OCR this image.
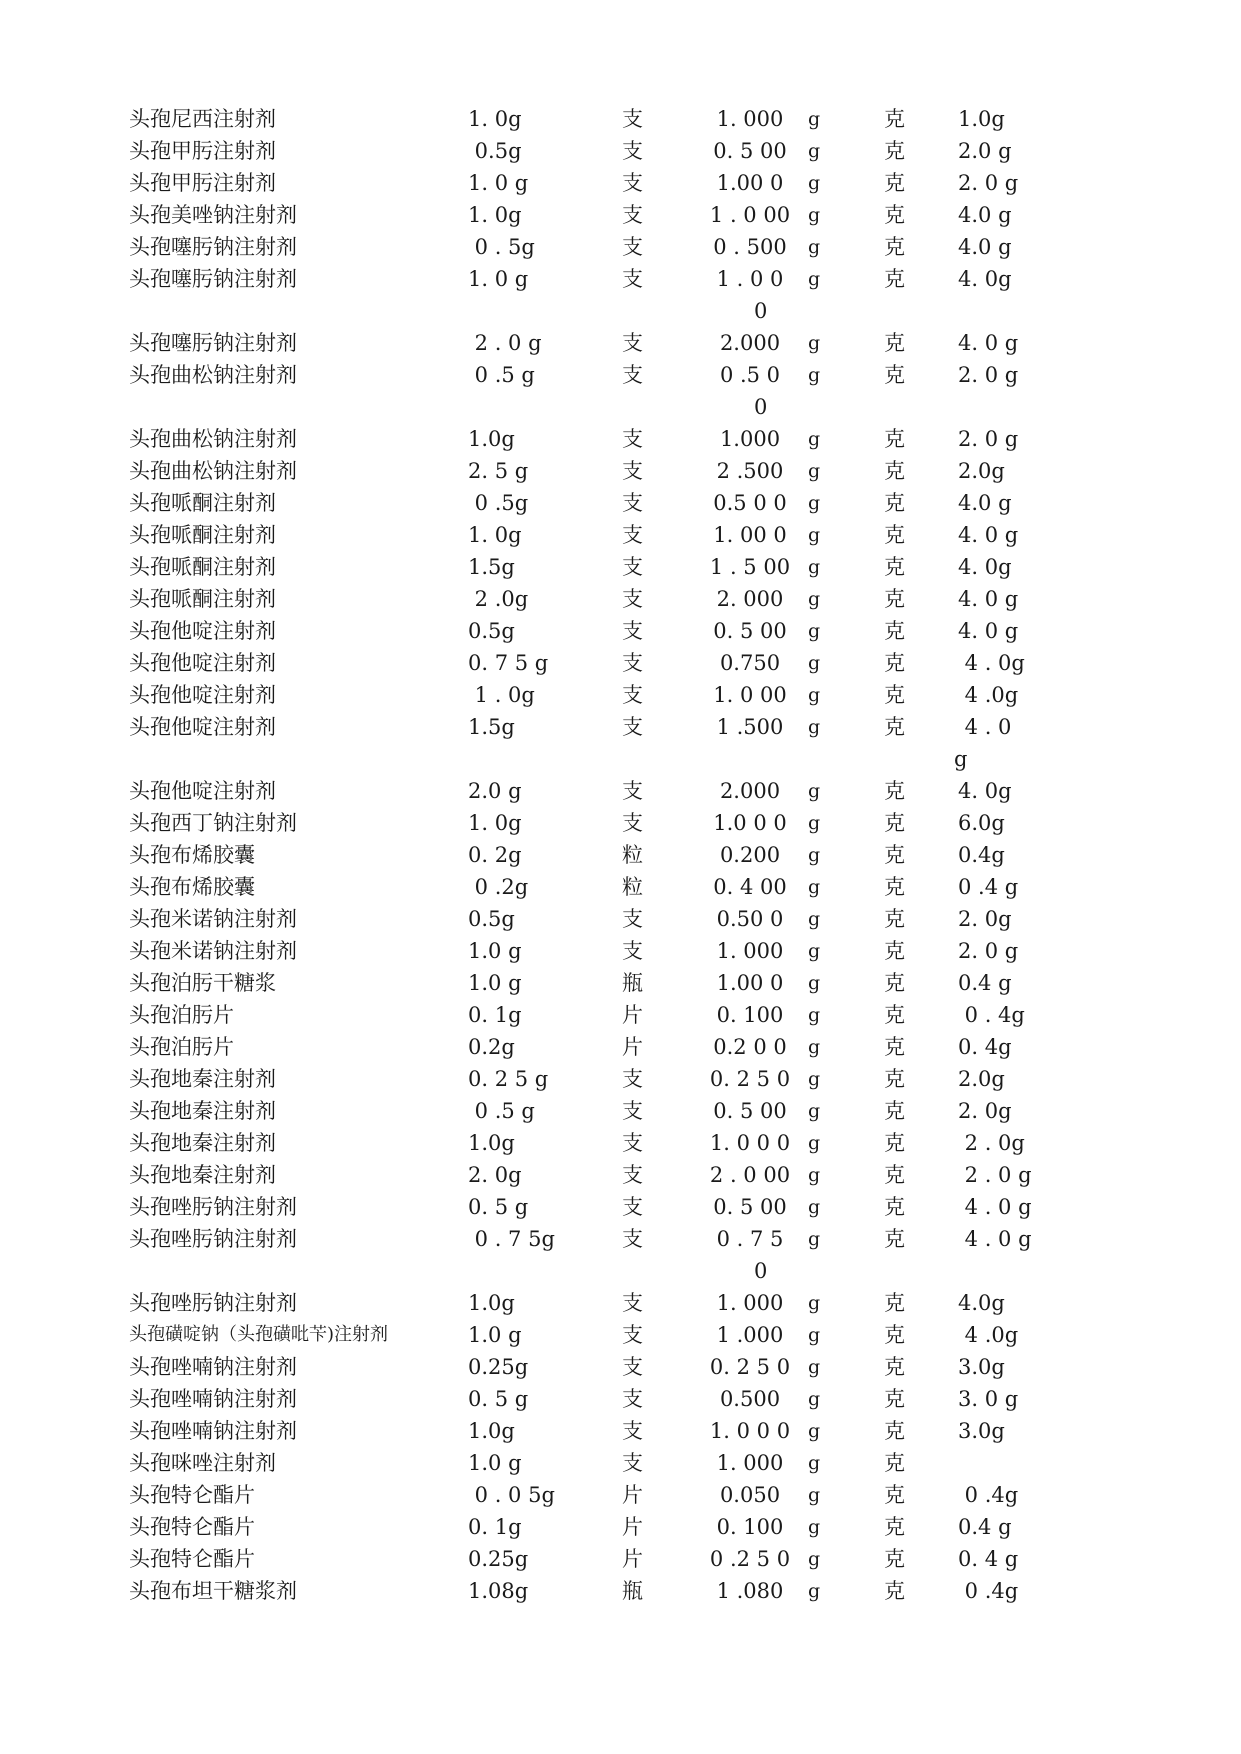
头孢尼西注射剂	1. 0g	支	1. 000	g	克	1.0g
头孢甲肟注射剂	0.5g	支	0. 5 00	g	克	2.0 g
头孢甲肟注射剂	1. 0 g	支	1.00 0	g	克	2. 0 g
头孢美唑钠注射剂	1. 0g	支	1 . 0 00 g	克	4.0 g
头孢噻肟钠注射剂	0 . 5g	支	0 . 500	g	克	4.0 g
头孢噻肟钠注射剂	1. 0 g	支	1 . 0 0	g	克	4. 0g
0
头孢噻肟钠注射剂	2 . 0 g	支	2.000	g	克	4. 0 g
头孢曲松钠注射剂	0 .5 g	支	0 .5 0	g	克	2. 0 g
0
头孢曲松钠注射剂	1.0g	支	1.000	g	克	2. 0 g
头孢曲松钠注射剂	2. 5 g	支	2 .500	g	克	2.0g
头孢哌酮注射剂	0 .5g	支	0.5 0 0	g	克	4.0 g
头孢哌酮注射剂	1. 0g	支	1. 00 0	g	克	4. 0 g
头孢哌酮注射剂	1.5g	支	1 . 5 00 g	克	4. 0g
头孢哌酮注射剂	2 .0g	支	2. 000	g	克	4. 0 g
头孢他啶注射剂	0.5g	支	0. 5 00	g	克	4. 0 g
头孢他啶注射剂	0. 7 5 g	支	0.750	g	克	4 . 0g
头孢他啶注射剂	1 . 0g	支	1. 0 00	g	克	4 .0g
头孢他啶注射剂	1.5g	支	1 .500	g	克	4 . 0
g
头孢他啶注射剂	2.0 g	支	2.000	g	克	4. 0g
头孢西丁钠注射剂	1. 0g	支	1.0 0 0	g	克	6.0g
头孢布烯胶囊	0. 2g	粒	0.200	g	克	0.4g
头孢布烯胶囊	0 .2g	粒	0. 4 00	g	克	0 .4 g
头孢米诺钠注射剂	0.5g	支	0.50 0	g	克	2. 0g
头孢米诺钠注射剂	1.0 g	支	1. 000	g	克	2. 0 g
头孢泊肟干糖浆	1.0 g	瓶	1.00 0	g	克	0.4 g
头孢泊肟片	0. 1g	片	0. 100	g	克	0 . 4g
头孢泊肟片	0.2g	片	0.2 0 0	g	克	0. 4g
头孢地秦注射剂	0. 2 5 g	支	0. 2 5 0 g	克	2.0g
头孢地秦注射剂	0 .5 g	支	0. 5 00	g	克	2. 0g
头孢地秦注射剂	1.0g	支	1. 0 0 0 g	克	2 . 0g
头孢地秦注射剂	2. 0g	支	2 . 0 00 g	克	2 . 0 g
头孢唑肟钠注射剂	0. 5 g	支	0. 5 00	g	克	4 . 0 g
头孢唑肟钠注射剂	0 . 7 5g	支	0 . 7 5	g	克	4 . 0 g
0
头孢唑肟钠注射剂	1.0g	支	1. 000	g	克	4.0g
头孢磺啶钠（头孢磺吡苄)注射剂	1.0 g	支	1 .000	g	克	4 .0g
头孢唑喃钠注射剂	0.25g	支	0. 2 5 0 g	克	3.0g
头孢唑喃钠注射剂	0. 5 g	支	0.500	g	克	3. 0 g
头孢唑喃钠注射剂	1.0g	支	1. 0 0 0 g	克	3.0g
头孢咪唑注射剂	1.0 g	支	1. 000	g	克
头孢特仑酯片	0 . 0 5g	片	0.050	g	克	0 .4g
头孢特仑酯片	0. 1g	片	0. 100	g	克	0.4 g
头孢特仑酯片	0.25g	片	0 .2 5 0 g	克	0. 4 g
头孢布坦干糖浆剂	1.08g	瓶	1 .080	g	克	0 .4g
